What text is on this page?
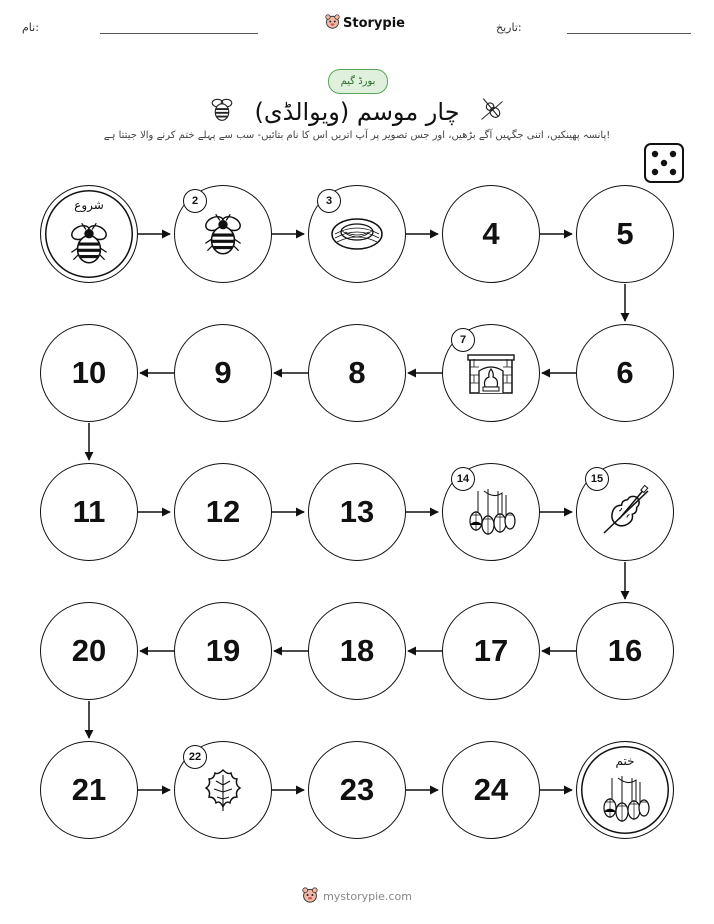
نام:	Storypie	تاریخ:
بورڈ گیم
چار موسم (ویوالڈی)
پانسہ پھینکیں، اتنی جگہیں آگے بڑھیں، اور جس تصویر پر آپ اتریں اس کا نام بتائیں- سب سے پہلے ختم کرنے والا جیتتا ہے!
شروع	2	3
4	5
6
7
8
9
10
11	12	13
14	15
16
17
18
19
20
21
22
23	24
ختم
mystorypie.com
